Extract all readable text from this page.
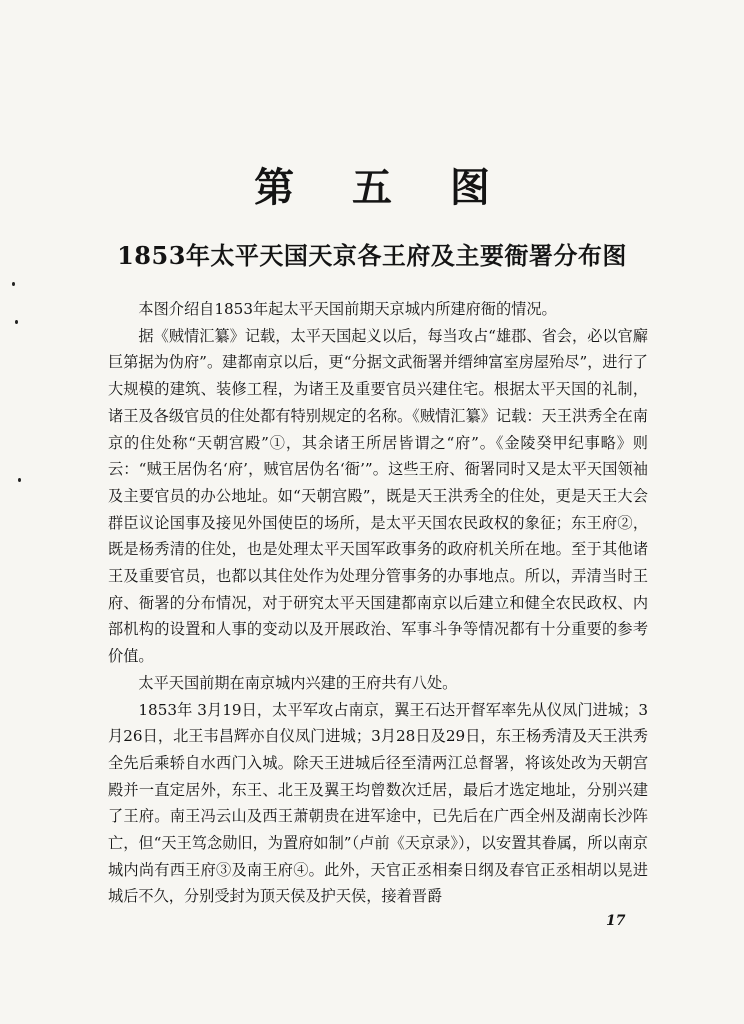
第 五 图
1853年太平天国天京各王府及主要衙署分布图

本图介绍自1853年起太平天国前期天京城内所建府衙的情况。

据《贼情汇纂》记载，太平天国起义以后，每当攻占“雄郡、省会，必以官廨巨第据为伪府”。建都南京以后，更“分据文武衙署并缙绅富室房屋殆尽”，进行了大规模的建筑、装修工程，为诸王及重要官员兴建住宅。根据太平天国的礼制，诸王及各级官员的住处都有特别规定的名称。《贼情汇纂》记载：天王洪秀全在南京的住处称“天朝宫殿”①，其余诸王所居皆谓之“府”。《金陵癸甲纪事略》则云：“贼王居伪名‘府’，贼官居伪名‘衙’”。这些王府、衙署同时又是太平天国领袖及主要官员的办公地址。如“天朝宫殿”，既是天王洪秀全的住处，更是天王大会群臣议论国事及接见外国使臣的场所，是太平天国农民政权的象征；东王府②，既是杨秀清的住处，也是处理太平天国军政事务的政府机关所在地。至于其他诸王及重要官员，也都以其住处作为处理分管事务的办事地点。所以，弄清当时王府、衙署的分布情况，对于研究太平天国建都南京以后建立和健全农民政权、内部机构的设置和人事的变动以及开展政治、军事斗争等情况都有十分重要的参考价值。

太平天国前期在南京城内兴建的王府共有八处。

1853年 3月19日，太平军攻占南京，翼王石达开督军率先从仪凤门进城；3月26日，北王韦昌辉亦自仪凤门进城；3月28日及29日，东王杨秀清及天王洪秀全先后乘轿自水西门入城。除天王进城后径至清两江总督署，将该处改为天朝宫殿并一直定居外，东王、北王及翼王均曾数次迁居，最后才选定地址，分别兴建了王府。南王冯云山及西王萧朝贵在进军途中，已先后在广西全州及湖南长沙阵亡，但“天王笃念勋旧，为置府如制”（卢前《天京录》），以安置其眷属，所以南京城内尚有西王府③及南王府④。此外，天官正丞相秦日纲及春官正丞相胡以晃进城后不久，分别受封为顶天侯及护天侯，接着晋爵

17
